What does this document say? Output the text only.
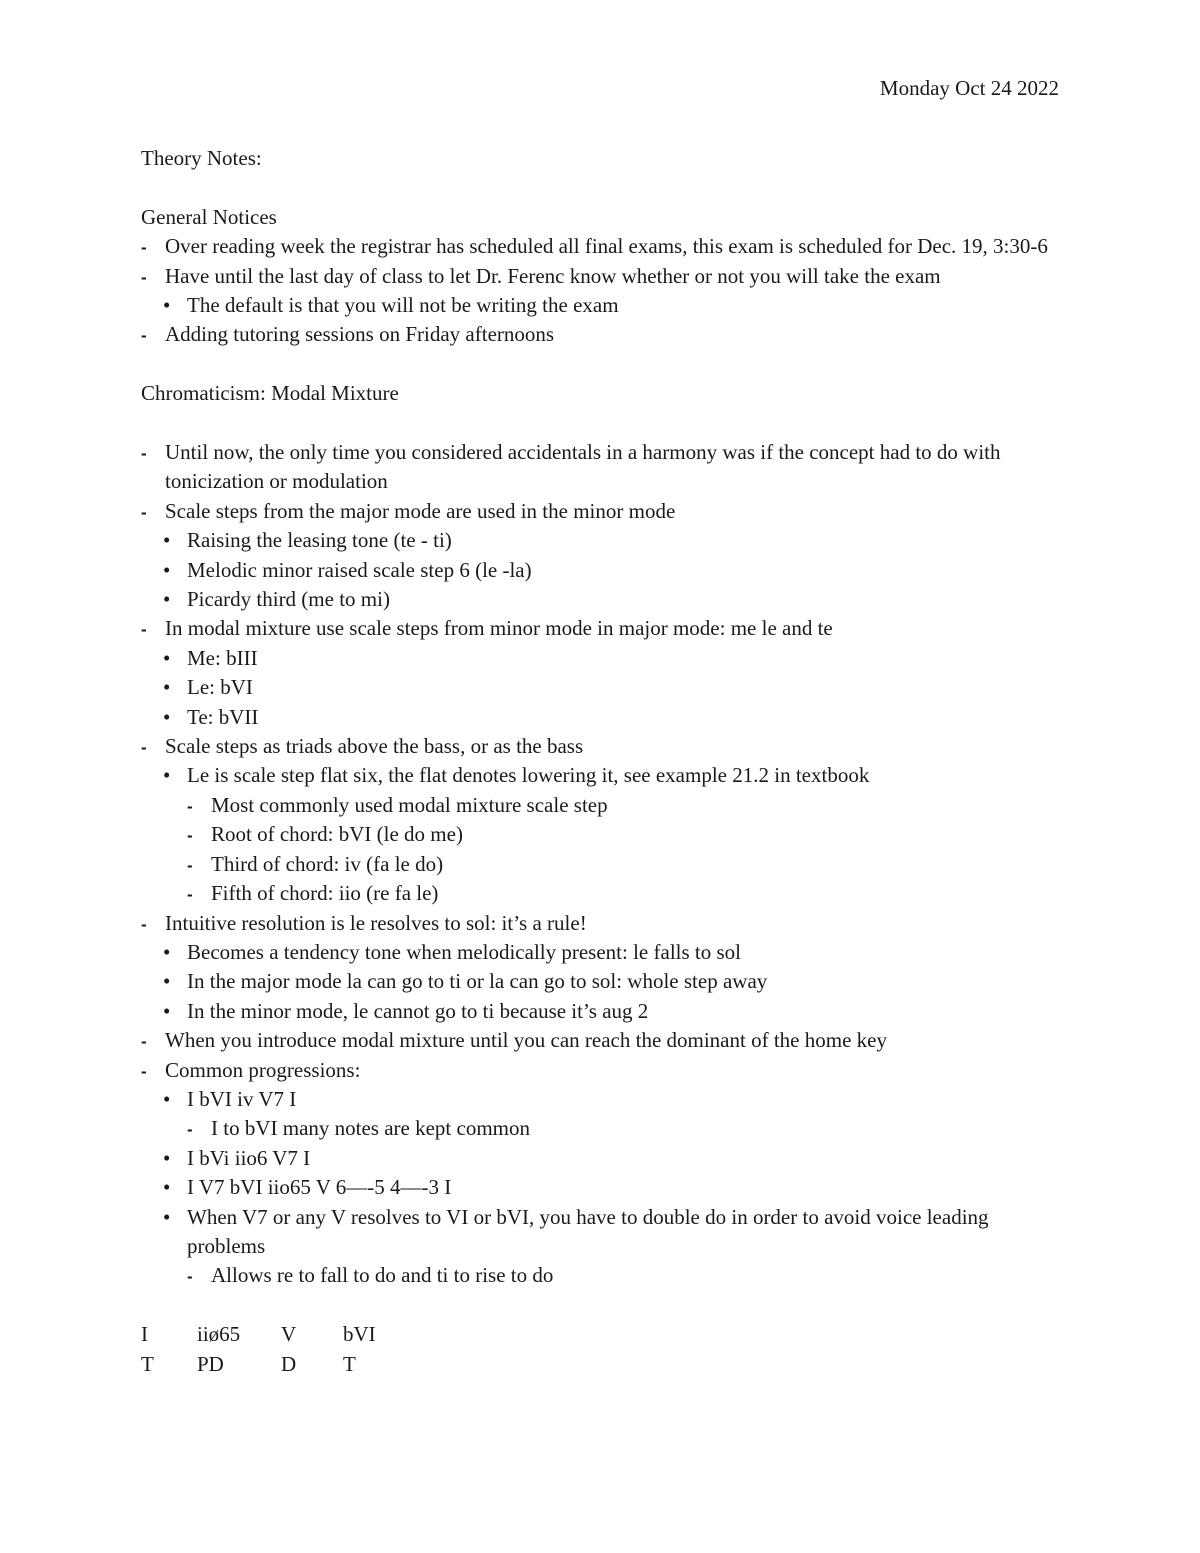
Monday Oct 24 2022

Theory Notes:

General Notices

-
Over reading week the registrar has scheduled all final exams, this exam is scheduled for Dec. 19, 3:30-6

-
Have until the last day of class to let Dr. Ferenc know whether or not you will take the exam

•
The default is that you will not be writing the exam

-
Adding tutoring sessions on Friday afternoons

Chromaticism: Modal Mixture

-
Until now, the only time you considered accidentals in a harmony was if the concept had to do with tonicization or modulation

-
Scale steps from the major mode are used in the minor mode

•
Raising the leasing tone (te - ti)

•
Melodic minor raised scale step 6 (le -la)

•
Picardy third (me to mi)

-
In modal mixture use scale steps from minor mode in major mode: me le and te

•
Me: bIII

•
Le: bVI

•
Te: bVII

-
Scale steps as triads above the bass, or as the bass

•
Le is scale step flat six, the flat denotes lowering it, see example 21.2 in textbook

-
Most commonly used modal mixture scale step

-
Root of chord: bVI (le do me)

-
Third of chord: iv (fa le do)

-
Fifth of chord: iio (re fa le)

-
Intuitive resolution is le resolves to sol: it’s a rule!

•
Becomes a tendency tone when melodically present: le falls to sol

•
In the major mode la can go to ti or la can go to sol: whole step away

•
In the minor mode, le cannot go to ti because it’s aug 2

-
When you introduce modal mixture until you can reach the dominant of the home key

-
Common progressions:

•
I bVI iv V7 I

-
I to bVI many notes are kept common

•
I bVi iio6 V7 I

•
I V7 bVI iio65 V 6—-5 4—-3 I

•
When V7 or any V resolves to VI or bVI, you have to double do in order to avoid voice leading problems

-
Allows re to fall to do and ti to rise to do

I	iiø65	V	bVI
T	PD	D	T
